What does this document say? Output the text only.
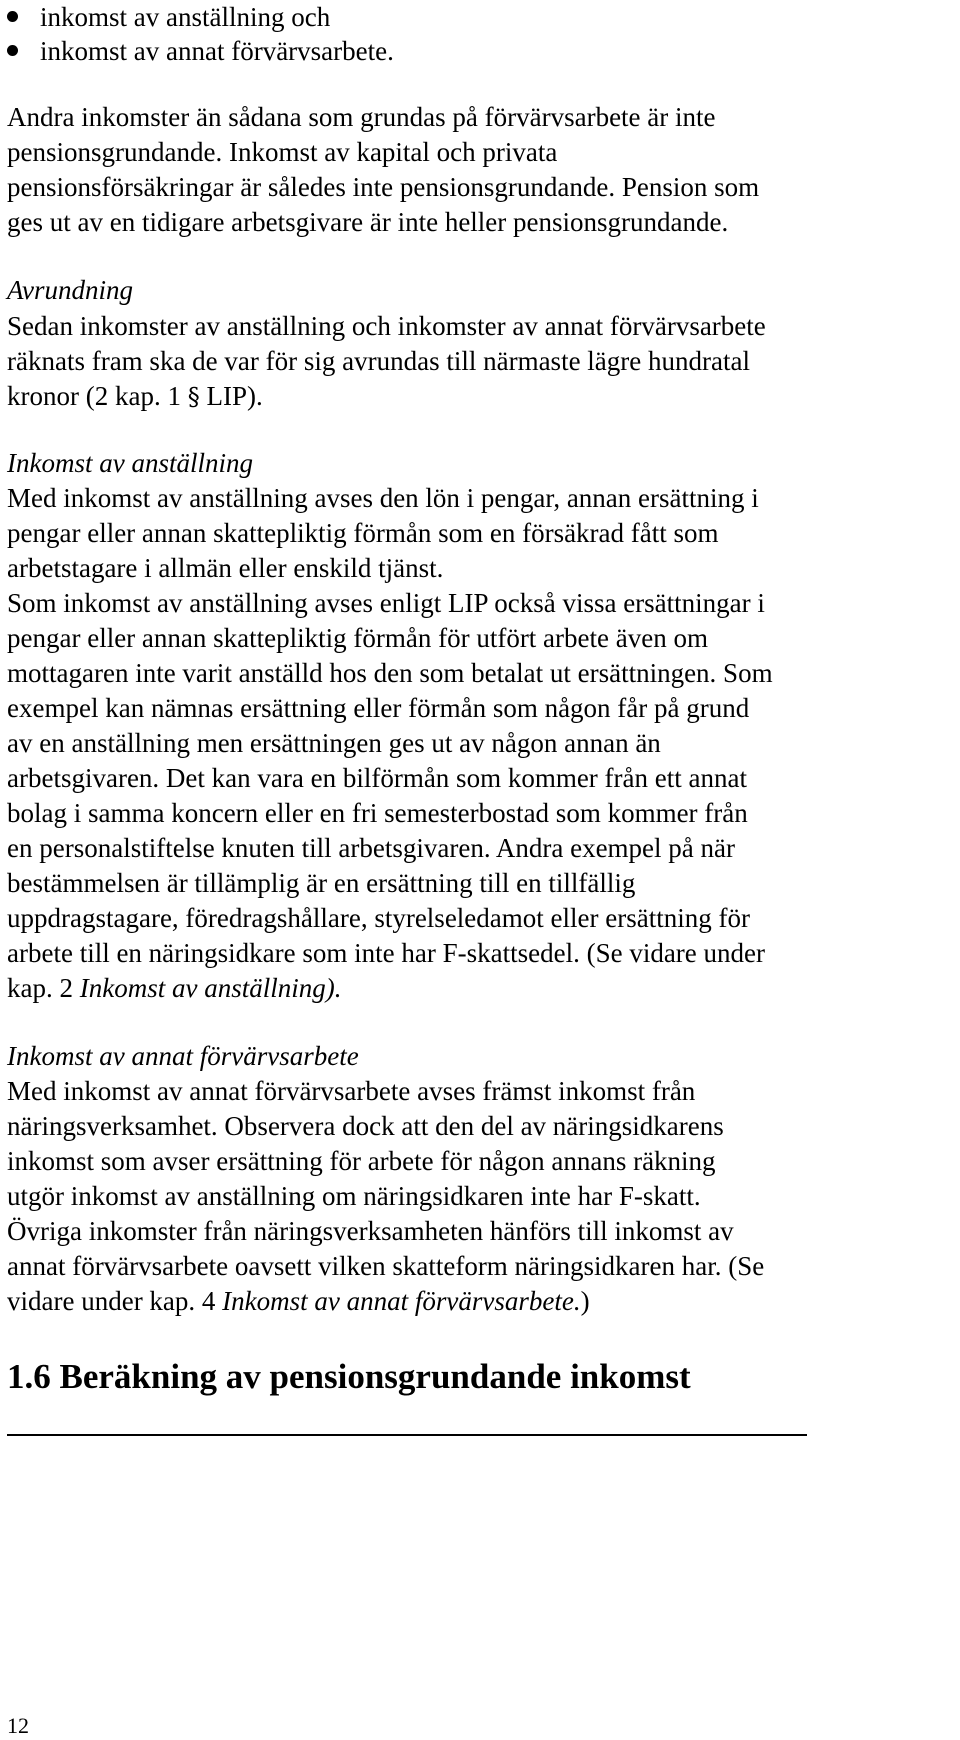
inkomst av anställning och
inkomst av annat förvärvsarbete.

Andra inkomster än sådana som grundas på förvärvsarbete är inte
pensionsgrundande. Inkomst av kapital och privata
pensionsförsäkringar är således inte pensionsgrundande. Pension som
ges ut av en tidigare arbetsgivare är inte heller pensionsgrundande.

Avrundning

Sedan inkomster av anställning och inkomster av annat förvärvsarbete
räknats fram ska de var för sig avrundas till närmaste lägre hundratal
kronor (2 kap. 1 § LIP).

Inkomst av anställning

Med inkomst av anställning avses den lön i pengar, annan ersättning i
pengar eller annan skattepliktig förmån som en försäkrad fått som
arbetstagare i allmän eller enskild tjänst.
Som inkomst av anställning avses enligt LIP också vissa ersättningar i
pengar eller annan skattepliktig förmån för utfört arbete även om
mottagaren inte varit anställd hos den som betalat ut ersättningen. Som
exempel kan nämnas ersättning eller förmån som någon får på grund
av en anställning men ersättningen ges ut av någon annan än
arbetsgivaren. Det kan vara en bilförmån som kommer från ett annat
bolag i samma koncern eller en fri semesterbostad som kommer från
en personalstiftelse knuten till arbetsgivaren. Andra exempel på när
bestämmelsen är tillämplig är en ersättning till en tillfällig
uppdragstagare, föredragshållare, styrelseledamot eller ersättning för
arbete till en näringsidkare som inte har F-skattsedel. (Se vidare under
kap. 2 Inkomst av anställning).

Inkomst av annat förvärvsarbete

Med inkomst av annat förvärvsarbete avses främst inkomst från
näringsverksamhet. Observera dock att den del av näringsidkarens
inkomst som avser ersättning för arbete för någon annans räkning
utgör inkomst av anställning om näringsidkaren inte har F-skatt.
Övriga inkomster från näringsverksamheten hänförs till inkomst av
annat förvärvsarbete oavsett vilken skatteform näringsidkaren har. (Se
vidare under kap. 4 Inkomst av annat förvärvsarbete.)

1.6 Beräkning av pensionsgrundande inkomst
12
